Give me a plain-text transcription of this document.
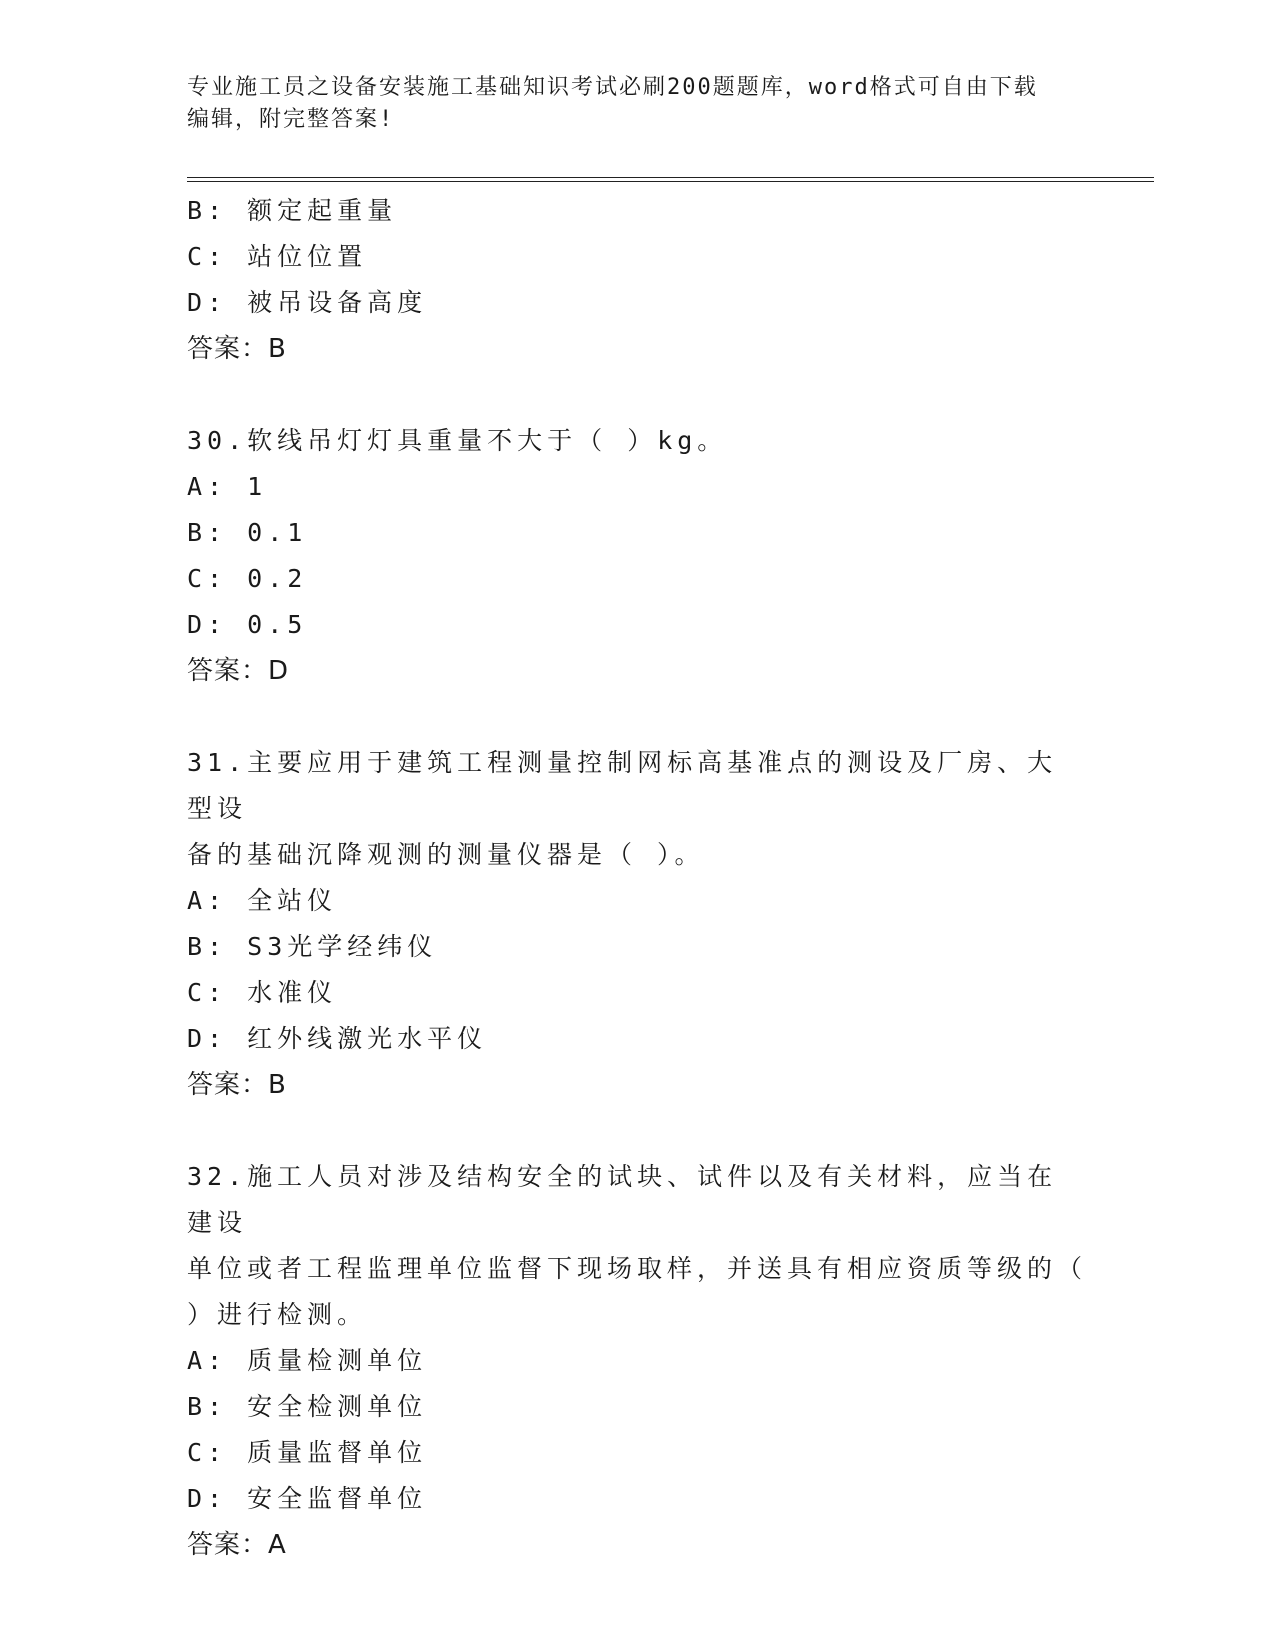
专业施工员之设备安装施工基础知识考试必刷200题题库，word格式可自由下载
编辑，附完整答案!
B: 额定起重量
C: 站位位置
D: 被吊设备高度
答案：B
30.软线吊灯灯具重量不大于（ ）kg。
A: 1
B: 0.1
C: 0.2
D: 0.5
答案：D
31.主要应用于建筑工程测量控制网标高基准点的测设及厂房、大型设
备的基础沉降观测的测量仪器是（ ）。
A: 全站仪
B: S3光学经纬仪
C: 水准仪
D: 红外线激光水平仪
答案：B
32.施工人员对涉及结构安全的试块、试件以及有关材料，应当在建设
单位或者工程监理单位监督下现场取样，并送具有相应资质等级的（
）进行检测。
A: 质量检测单位
B: 安全检测单位
C: 质量监督单位
D: 安全监督单位
答案：A
